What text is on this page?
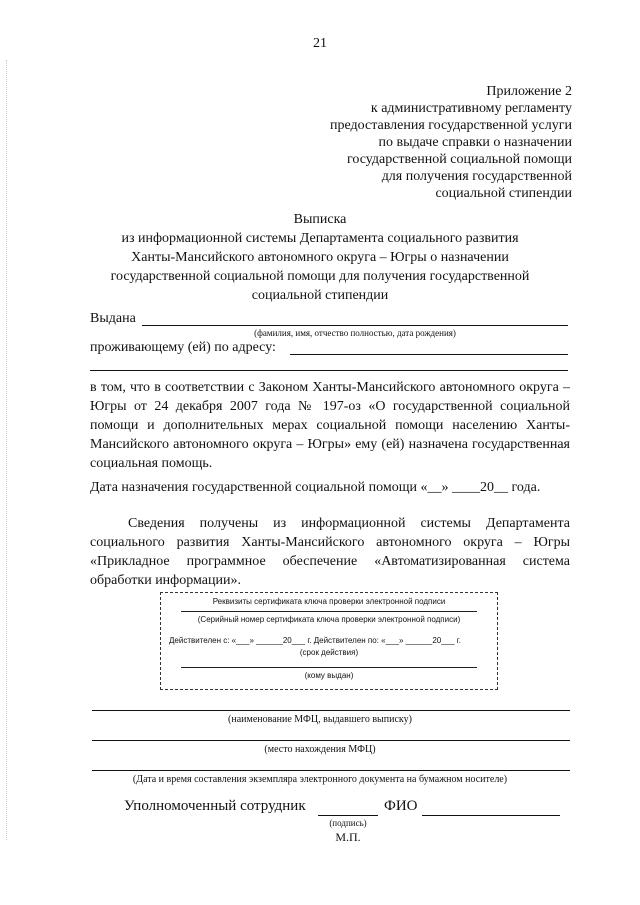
21
Приложение 2
к административному регламенту
предоставления государственной услуги
по выдаче справки о назначении
государственной социальной помощи
для получения государственной
социальной стипендии
Выписка
из информационной системы Департамента социального развития
Ханты-Мансийского автономного округа – Югры о назначении
государственной социальной помощи для получения государственной
социальной стипендии
Выдана
(фамилия, имя, отчество полностью, дата рождения)
проживающему (ей) по адресу:
в том, что в соответствии с Законом Ханты-Мансийского автономного округа – Югры от 24 декабря 2007 года № 197-оз «О государственной социальной помощи и дополнительных мерах социальной помощи населению Ханты-Мансийского автономного округа – Югры» ему (ей) назначена государственная социальная помощь.
Дата назначения государственной социальной помощи «__» ____20__ года.
Сведения получены из информационной системы Департамента социального развития Ханты-Мансийского автономного округа – Югры «Прикладное программное обеспечение «Автоматизированная система обработки информации».
Реквизиты сертификата ключа проверки электронной подписи
(Серийный номер сертификата ключа проверки электронной подписи)
Действителен с: «___» ______20___ г. Действителен по: «___» ______20___ г.
(срок действия)
(кому выдан)
(наименование МФЦ, выдавшего выписку)
(место нахождения МФЦ)
(Дата и время составления экземпляра электронного документа на бумажном носителе)
Уполномоченный сотрудник	ФИО
(подпись)
М.П.
